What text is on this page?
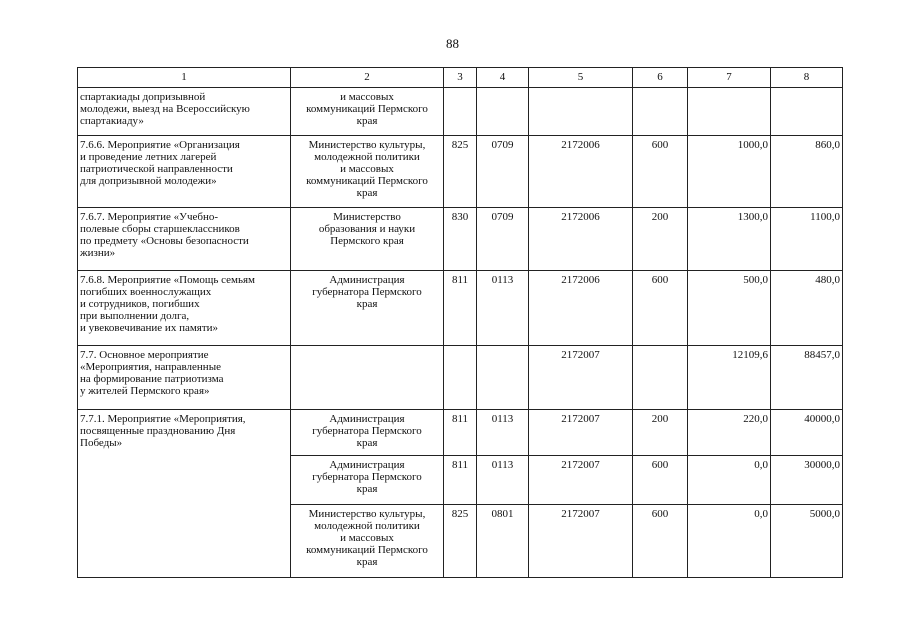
88
1	2	3	4	5	6	7	8

спартакиады допризывной
молодежи, выезд на Всероссийскую
спартакиаду»	и массовых
коммуникаций Пермского
края						

7.6.6. Мероприятие «Организация
и проведение летних лагерей
патриотической направленности
для допризывной молодежи»	Министерство культуры,
молодежной политики
и массовых
коммуникаций Пермского
края	825	0709	2172006	600	1000,0	860,0

7.6.7. Мероприятие «Учебно-
полевые сборы старшеклассников
по предмету «Основы безопасности
жизни»	Министерство
образования и науки
Пермского края	830	0709	2172006	200	1300,0	1100,0

7.6.8. Мероприятие «Помощь семьям
погибших военнослужащих
и сотрудников, погибших
при выполнении долга,
и увековечивание их памяти»	Администрация
губернатора Пермского
края	811	0113	2172006	600	500,0	480,0

7.7. Основное мероприятие
«Мероприятия, направленные
на формирование патриотизма
у жителей Пермского края»				2172007		12109,6	88457,0

7.7.1. Мероприятие «Мероприятия,
посвященные празднованию Дня
Победы»	Администрация
губернатора Пермского
края	811	0113	2172007	200	220,0	40000,0

	Администрация
губернатора Пермского
края	811	0113	2172007	600	0,0	30000,0

	Министерство культуры,
молодежной политики
и массовых
коммуникаций Пермского
края	825	0801	2172007	600	0,0	5000,0
